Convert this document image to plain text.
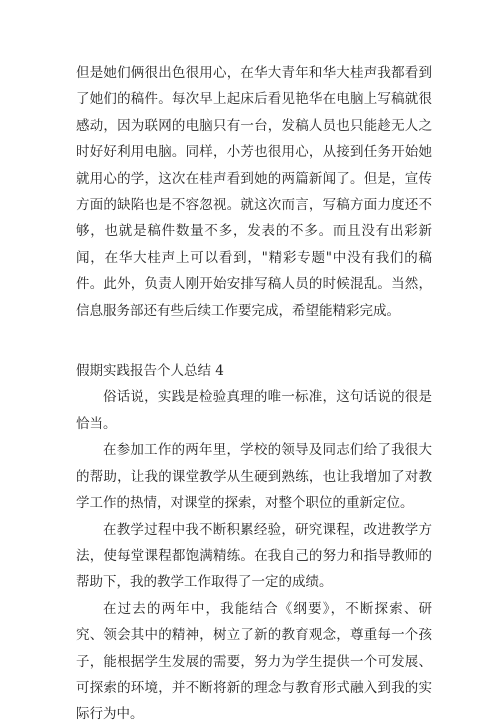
但是她们俩很出色很用心，在华大青年和华大桂声我都看到了她们的稿件。每次早上起床后看见艳华在电脑上写稿就很感动，因为联网的电脑只有一台，发稿人员也只能趁无人之时好好利用电脑。同样，小芳也很用心，从接到任务开始她就用心的学，这次在桂声看到她的两篇新闻了。但是，宣传方面的缺陷也是不容忽视。就这次而言，写稿方面力度还不够，也就是稿件数量不多，发表的不多。而且没有出彩新闻，在华大桂声上可以看到，"精彩专题"中没有我们的稿件。此外，负责人刚开始安排写稿人员的时候混乱。当然，信息服务部还有些后续工作要完成，希望能精彩完成。

假期实践报告个人总结 4

俗话说，实践是检验真理的唯一标准，这句话说的很是恰当。

在参加工作的两年里，学校的领导及同志们给了我很大的帮助，让我的课堂教学从生硬到熟练，也让我增加了对教学工作的热情，对课堂的探索，对整个职位的重新定位。

在教学过程中我不断积累经验，研究课程，改进教学方法，使每堂课程都饱满精练。在我自己的努力和指导教师的帮助下，我的教学工作取得了一定的成绩。

在过去的两年中，我能结合《纲要》，不断探索、研究、领会其中的精神，树立了新的教育观念，尊重每一个孩子，能根据学生发展的需要，努力为学生提供一个可发展、可探索的环境，并不断将新的理念与教育形式融入到我的实际行为中。
